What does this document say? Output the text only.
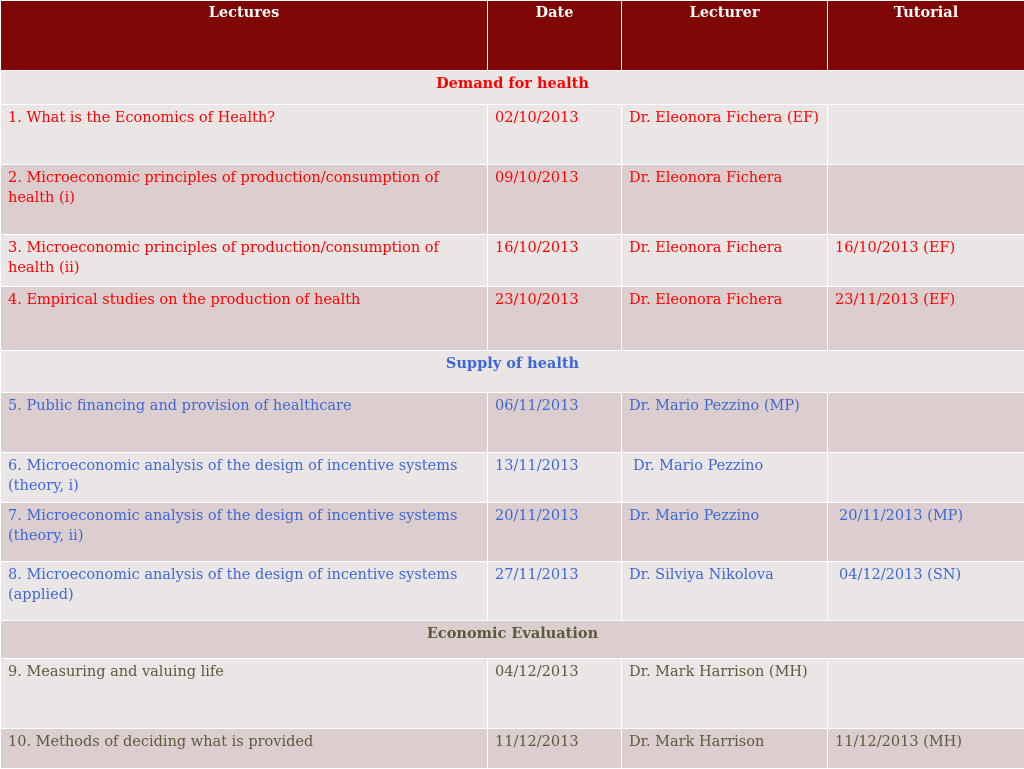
Lectures	Date	Lecturer	Tutorial
Demand for health			
1. What is the Economics of Health?	02/10/2013	Dr. Eleonora Fichera (EF)	
2. Microeconomic principles of production/consumption of health (i)	09/10/2013	Dr. Eleonora Fichera	
3. Microeconomic principles of production/consumption of health (ii)	16/10/2013	Dr. Eleonora Fichera	16/10/2013 (EF)
4. Empirical studies on the production of health	23/10/2013	Dr. Eleonora Fichera	23/11/2013 (EF)
Supply of health			
5. Public financing and provision of healthcare	06/11/2013	Dr. Mario Pezzino (MP)	
6. Microeconomic analysis of the design of incentive systems (theory, i)	13/11/2013	Dr. Mario Pezzino	
7. Microeconomic analysis of the design of incentive systems (theory, ii)	20/11/2013	Dr. Mario Pezzino	20/11/2013 (MP)
8. Microeconomic analysis of the design of incentive systems (applied)	27/11/2013	Dr. Silviya Nikolova	04/12/2013 (SN)
Economic Evaluation			
9. Measuring and valuing life	04/12/2013	Dr. Mark Harrison (MH)	
10. Methods of deciding what is provided	11/12/2013	Dr. Mark Harrison	11/12/2013 (MH)
